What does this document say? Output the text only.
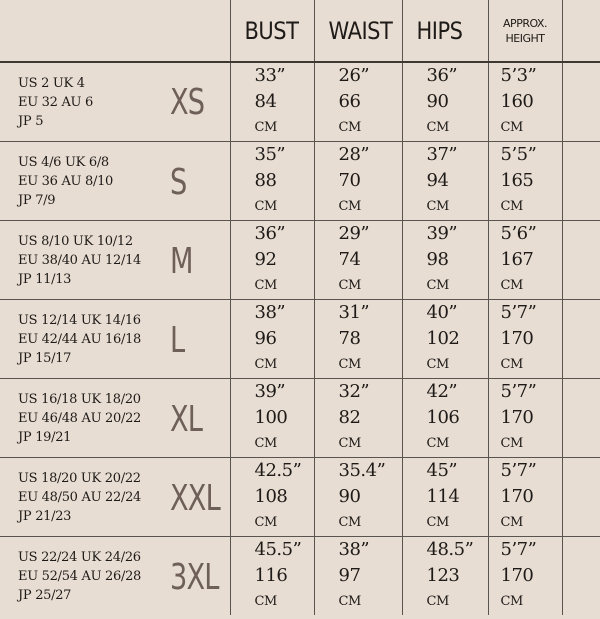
		BUST	WAIST	HIPS	APPROX.
HEIGHT	

US 2 UK 4
EU 32 AU 6
JP 5	XS	33”
84
CM	26”
66
CM	36”
90
CM	5’3”
160
CM	

US 4/6 UK 6/8
EU 36 AU 8/10
JP 7/9	S	35”
88
CM	28”
70
CM	37”
94
CM	5’5”
165
CM	

US 8/10 UK 10/12
EU 38/40 AU 12/14
JP 11/13	M	36”
92
CM	29”
74
CM	39”
98
CM	5’6”
167
CM	

US 12/14 UK 14/16
EU 42/44 AU 16/18
JP 15/17	L	38”
96
CM	31”
78
CM	40”
102
CM	5’7”
170
CM	

US 16/18 UK 18/20
EU 46/48 AU 20/22
JP 19/21	XL	39”
100
CM	32”
82
CM	42”
106
CM	5’7”
170
CM	

US 18/20 UK 20/22
EU 48/50 AU 22/24
JP 21/23	XXL	42.5”
108
CM	35.4”
90
CM	45”
114
CM	5’7”
170
CM	

US 22/24 UK 24/26
EU 52/54 AU 26/28
JP 25/27	3XL	45.5”
116
CM	38”
97
CM	48.5”
123
CM	5’7”
170
CM	
